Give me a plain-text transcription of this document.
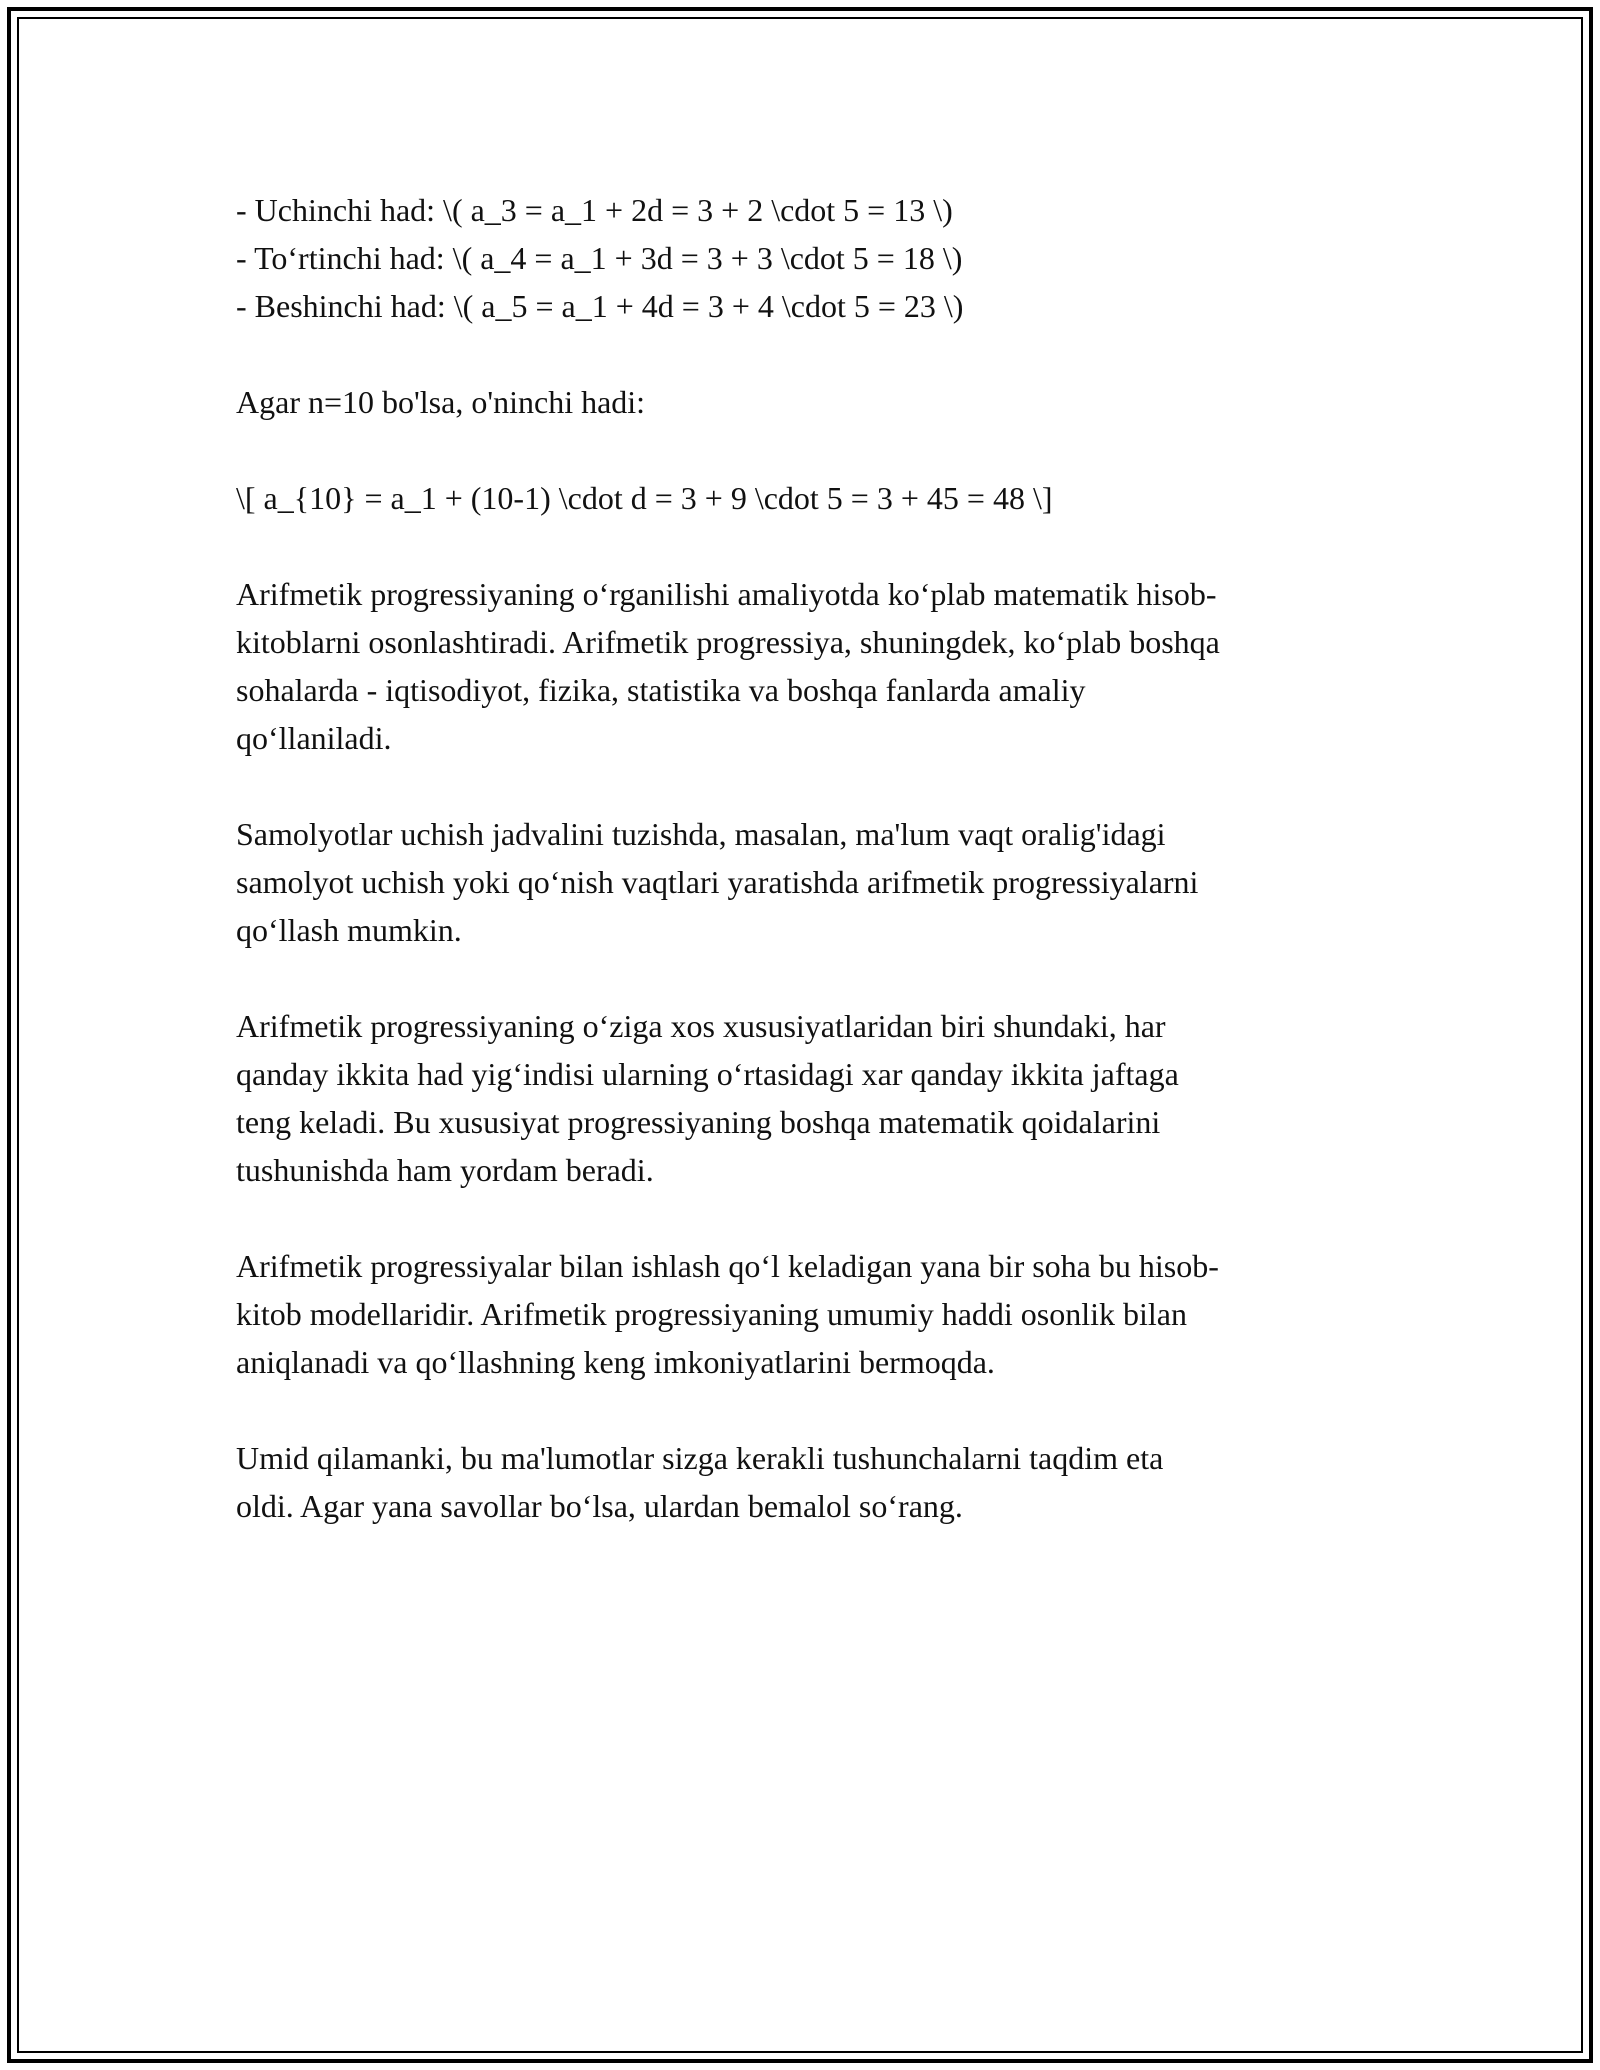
- Uchinchi had: \( a_3 = a_1 + 2d = 3 + 2 \cdot 5 = 13 \)
- To‘rtinchi had: \( a_4 = a_1 + 3d = 3 + 3 \cdot 5 = 18 \)
- Beshinchi had: \( a_5 = a_1 + 4d = 3 + 4 \cdot 5 = 23 \)
Agar n=10 bo'lsa, o'ninchi hadi:
\[ a_{10} = a_1 + (10-1) \cdot d = 3 + 9 \cdot 5 = 3 + 45 = 48 \]
Arifmetik progressiyaning o‘rganilishi amaliyotda ko‘plab matematik hisob-
kitoblarni osonlashtiradi. Arifmetik progressiya, shuningdek, ko‘plab boshqa
sohalarda - iqtisodiyot, fizika, statistika va boshqa fanlarda amaliy
qo‘llaniladi.
Samolyotlar uchish jadvalini tuzishda, masalan, ma'lum vaqt oralig'idagi
samolyot uchish yoki qo‘nish vaqtlari yaratishda arifmetik progressiyalarni
qo‘llash mumkin.
Arifmetik progressiyaning o‘ziga xos xususiyatlaridan biri shundaki, har
qanday ikkita had yig‘indisi ularning o‘rtasidagi xar qanday ikkita jaftaga
teng keladi. Bu xususiyat progressiyaning boshqa matematik qoidalarini
tushunishda ham yordam beradi.
Arifmetik progressiyalar bilan ishlash qo‘l keladigan yana bir soha bu hisob-
kitob modellaridir. Arifmetik progressiyaning umumiy haddi osonlik bilan
aniqlanadi va qo‘llashning keng imkoniyatlarini bermoqda.
Umid qilamanki, bu ma'lumotlar sizga kerakli tushunchalarni taqdim eta
oldi. Agar yana savollar bo‘lsa, ulardan bemalol so‘rang.
